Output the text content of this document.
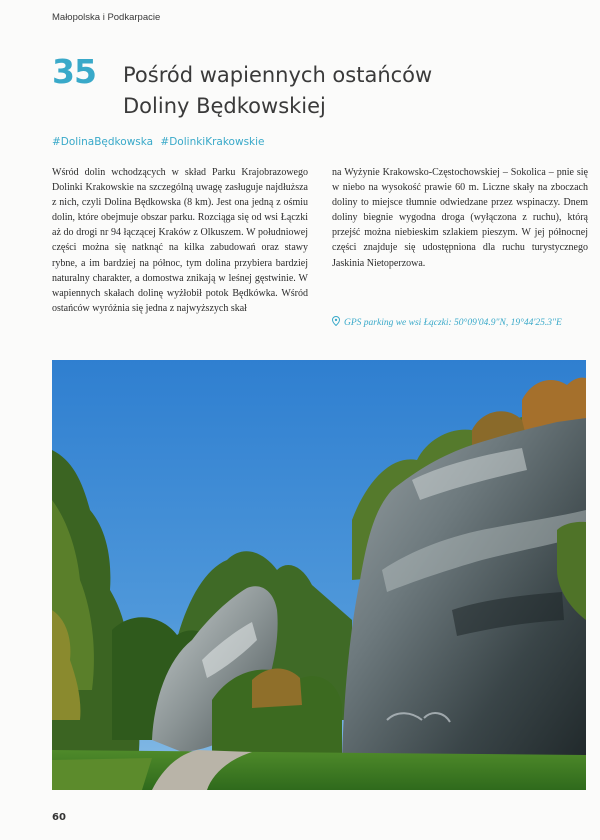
Małopolska i Podkarpacie
35 Pośród wapiennych ostańców
Doliny Będkowskiej
#DolinaBędkowska #DolinkiKrakowskie

Wśród dolin wchodzących w skład Parku Krajobrazowego Dolinki Krakowskie na szczególną uwagę zasługuje najdłuższa z nich, czyli Dolina Będkowska (8 km). Jest ona jedną z ośmiu dolin, które obejmuje obszar parku. Rozciąga się od wsi Łączki aż do drogi nr 94 łączącej Kraków z Olkuszem. W południowej części można się natknąć na kilka zabudowań oraz stawy rybne, a im bardziej na północ, tym dolina przybiera bardziej naturalny charakter, a domostwa znikają w leśnej gęstwinie. W wapiennych skałach dolinę wyżłobił potok Będkówka. Wśród ostańców wyróżnia się jedna z najwyższych skał

na Wyżynie Krakowsko-Częstochowskiej – Sokolica – pnie się w niebo na wysokość prawie 60 m. Liczne skały na zboczach doliny to miejsce tłumnie odwiedzane przez wspinaczy. Dnem doliny biegnie wygodna droga (wyłączona z ruchu), którą przejść można niebieskim szlakiem pieszym. W jej północnej części znajduje się udostępniona dla ruchu turystycznego Jaskinia Nietoperzowa.

GPS parking we wsi Łączki: 50°09'04.9"N, 19°44'25.3"E
60
